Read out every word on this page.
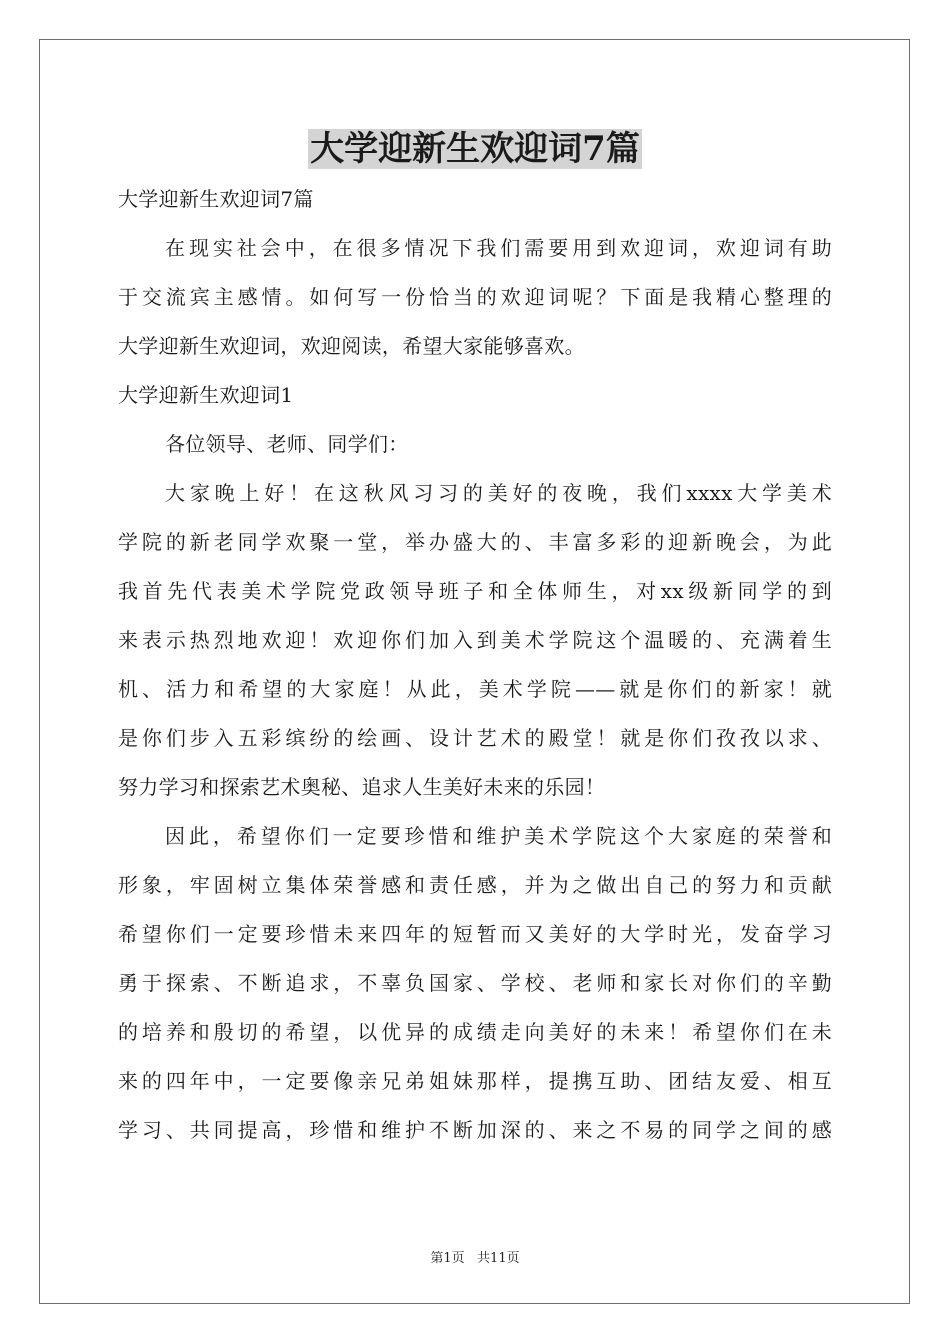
大学迎新生欢迎词7篇
大学迎新生欢迎词7篇
在现实社会中，在很多情况下我们需要用到欢迎词，欢迎词有助
于交流宾主感情。如何写一份恰当的欢迎词呢？下面是我精心整理的
大学迎新生欢迎词，欢迎阅读，希望大家能够喜欢。
大学迎新生欢迎词1
各位领导、老师、同学们：
大家晚上好！在这秋风习习的美好的夜晚，我们xxxx大学美术
学院的新老同学欢聚一堂，举办盛大的、丰富多彩的迎新晚会，为此
我首先代表美术学院党政领导班子和全体师生，对xx级新同学的到
来表示热烈地欢迎！欢迎你们加入到美术学院这个温暖的、充满着生
机、活力和希望的大家庭！从此，美术学院——就是你们的新家！就
是你们步入五彩缤纷的绘画、设计艺术的殿堂！就是你们孜孜以求、
努力学习和探索艺术奥秘、追求人生美好未来的乐园！
因此，希望你们一定要珍惜和维护美术学院这个大家庭的荣誉和
形象，牢固树立集体荣誉感和责任感，并为之做出自己的努力和贡献
希望你们一定要珍惜未来四年的短暂而又美好的大学时光，发奋学习
勇于探索、不断追求，不辜负国家、学校、老师和家长对你们的辛勤
的培养和殷切的希望，以优异的成绩走向美好的未来！希望你们在未
来的四年中，一定要像亲兄弟姐妹那样，提携互助、团结友爱、相互
学习、共同提高，珍惜和维护不断加深的、来之不易的同学之间的感
第1页   共11页
